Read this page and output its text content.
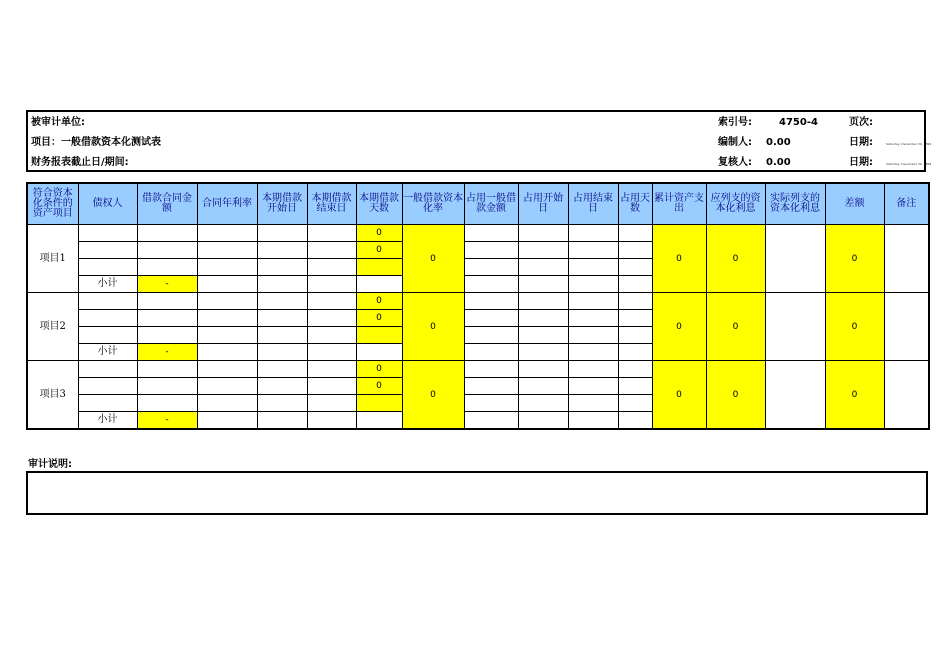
被审计单位:
项目：一般借款资本化测试表
财务报表截止日/期间:
索引号:	4750-4	页次:
编制人: 0.00	日期:	Saturday, December 30, 1899
复核人: 0.00	日期:	Saturday, December 30, 1899
符合资本化条件的资产项目	债权人	借款合同金额	合同年利率	本期借款开始日	本期借款结束日	本期借款天数	一般借款资本化率	占用一般借款金额	占用开始日	占用结束日	占用天数	累计资产支出	应列支的资本化利息	实际列支的资本化利息	差额	备注
项目1						0	0					0	0		0	
						0										

	小计	-														
项目2						0	0					0	0		0	
						0										

	小计	-														
项目3						0	0					0	0		0	
						0										

	小计	-														
审计说明:
